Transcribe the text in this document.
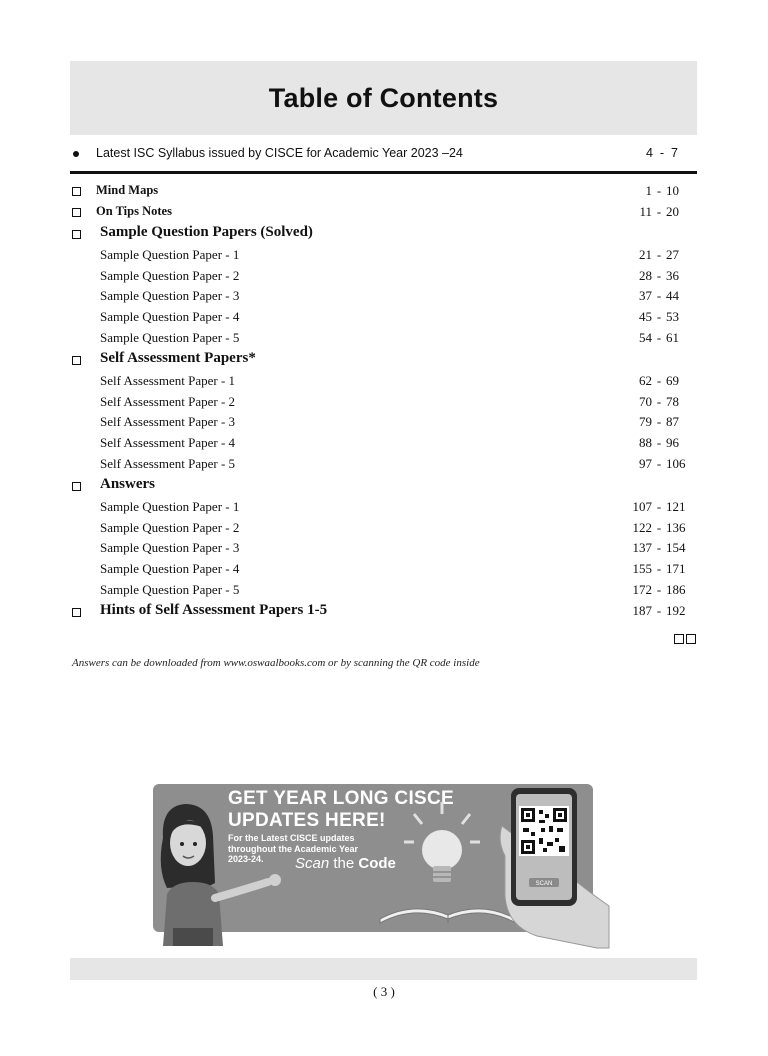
Table of Contents
Latest ISC Syllabus issued by CISCE for Academic Year 2023 –24	4 - 7
Mind Maps	1 - 10
On Tips Notes	11 - 20
Sample Question Papers (Solved)
Sample Question Paper - 1	21 - 27
Sample Question Paper - 2	28 - 36
Sample Question Paper - 3	37 - 44
Sample Question Paper - 4	45 - 53
Sample Question Paper - 5	54 - 61
Self Assessment Papers*
Self Assessment Paper - 1	62 - 69
Self Assessment Paper - 2	70 - 78
Self Assessment Paper - 3	79 - 87
Self Assessment Paper - 4	88 - 96
Self Assessment Paper - 5	97 - 106
Answers
Sample Question Paper - 1	107 - 121
Sample Question Paper - 2	122 - 136
Sample Question Paper - 3	137 - 154
Sample Question Paper - 4	155 - 171
Sample Question Paper - 5	172 - 186
Hints of Self Assessment Papers 1-5	187 - 192
Answers can be downloaded from www.oswaalbooks.com or by scanning the QR code inside
GET YEAR LONG CISCE
UPDATES HERE!
For the Latest CISCE updates throughout the Academic Year 2023-24.	Scan the Code
SCAN
( 3 )
